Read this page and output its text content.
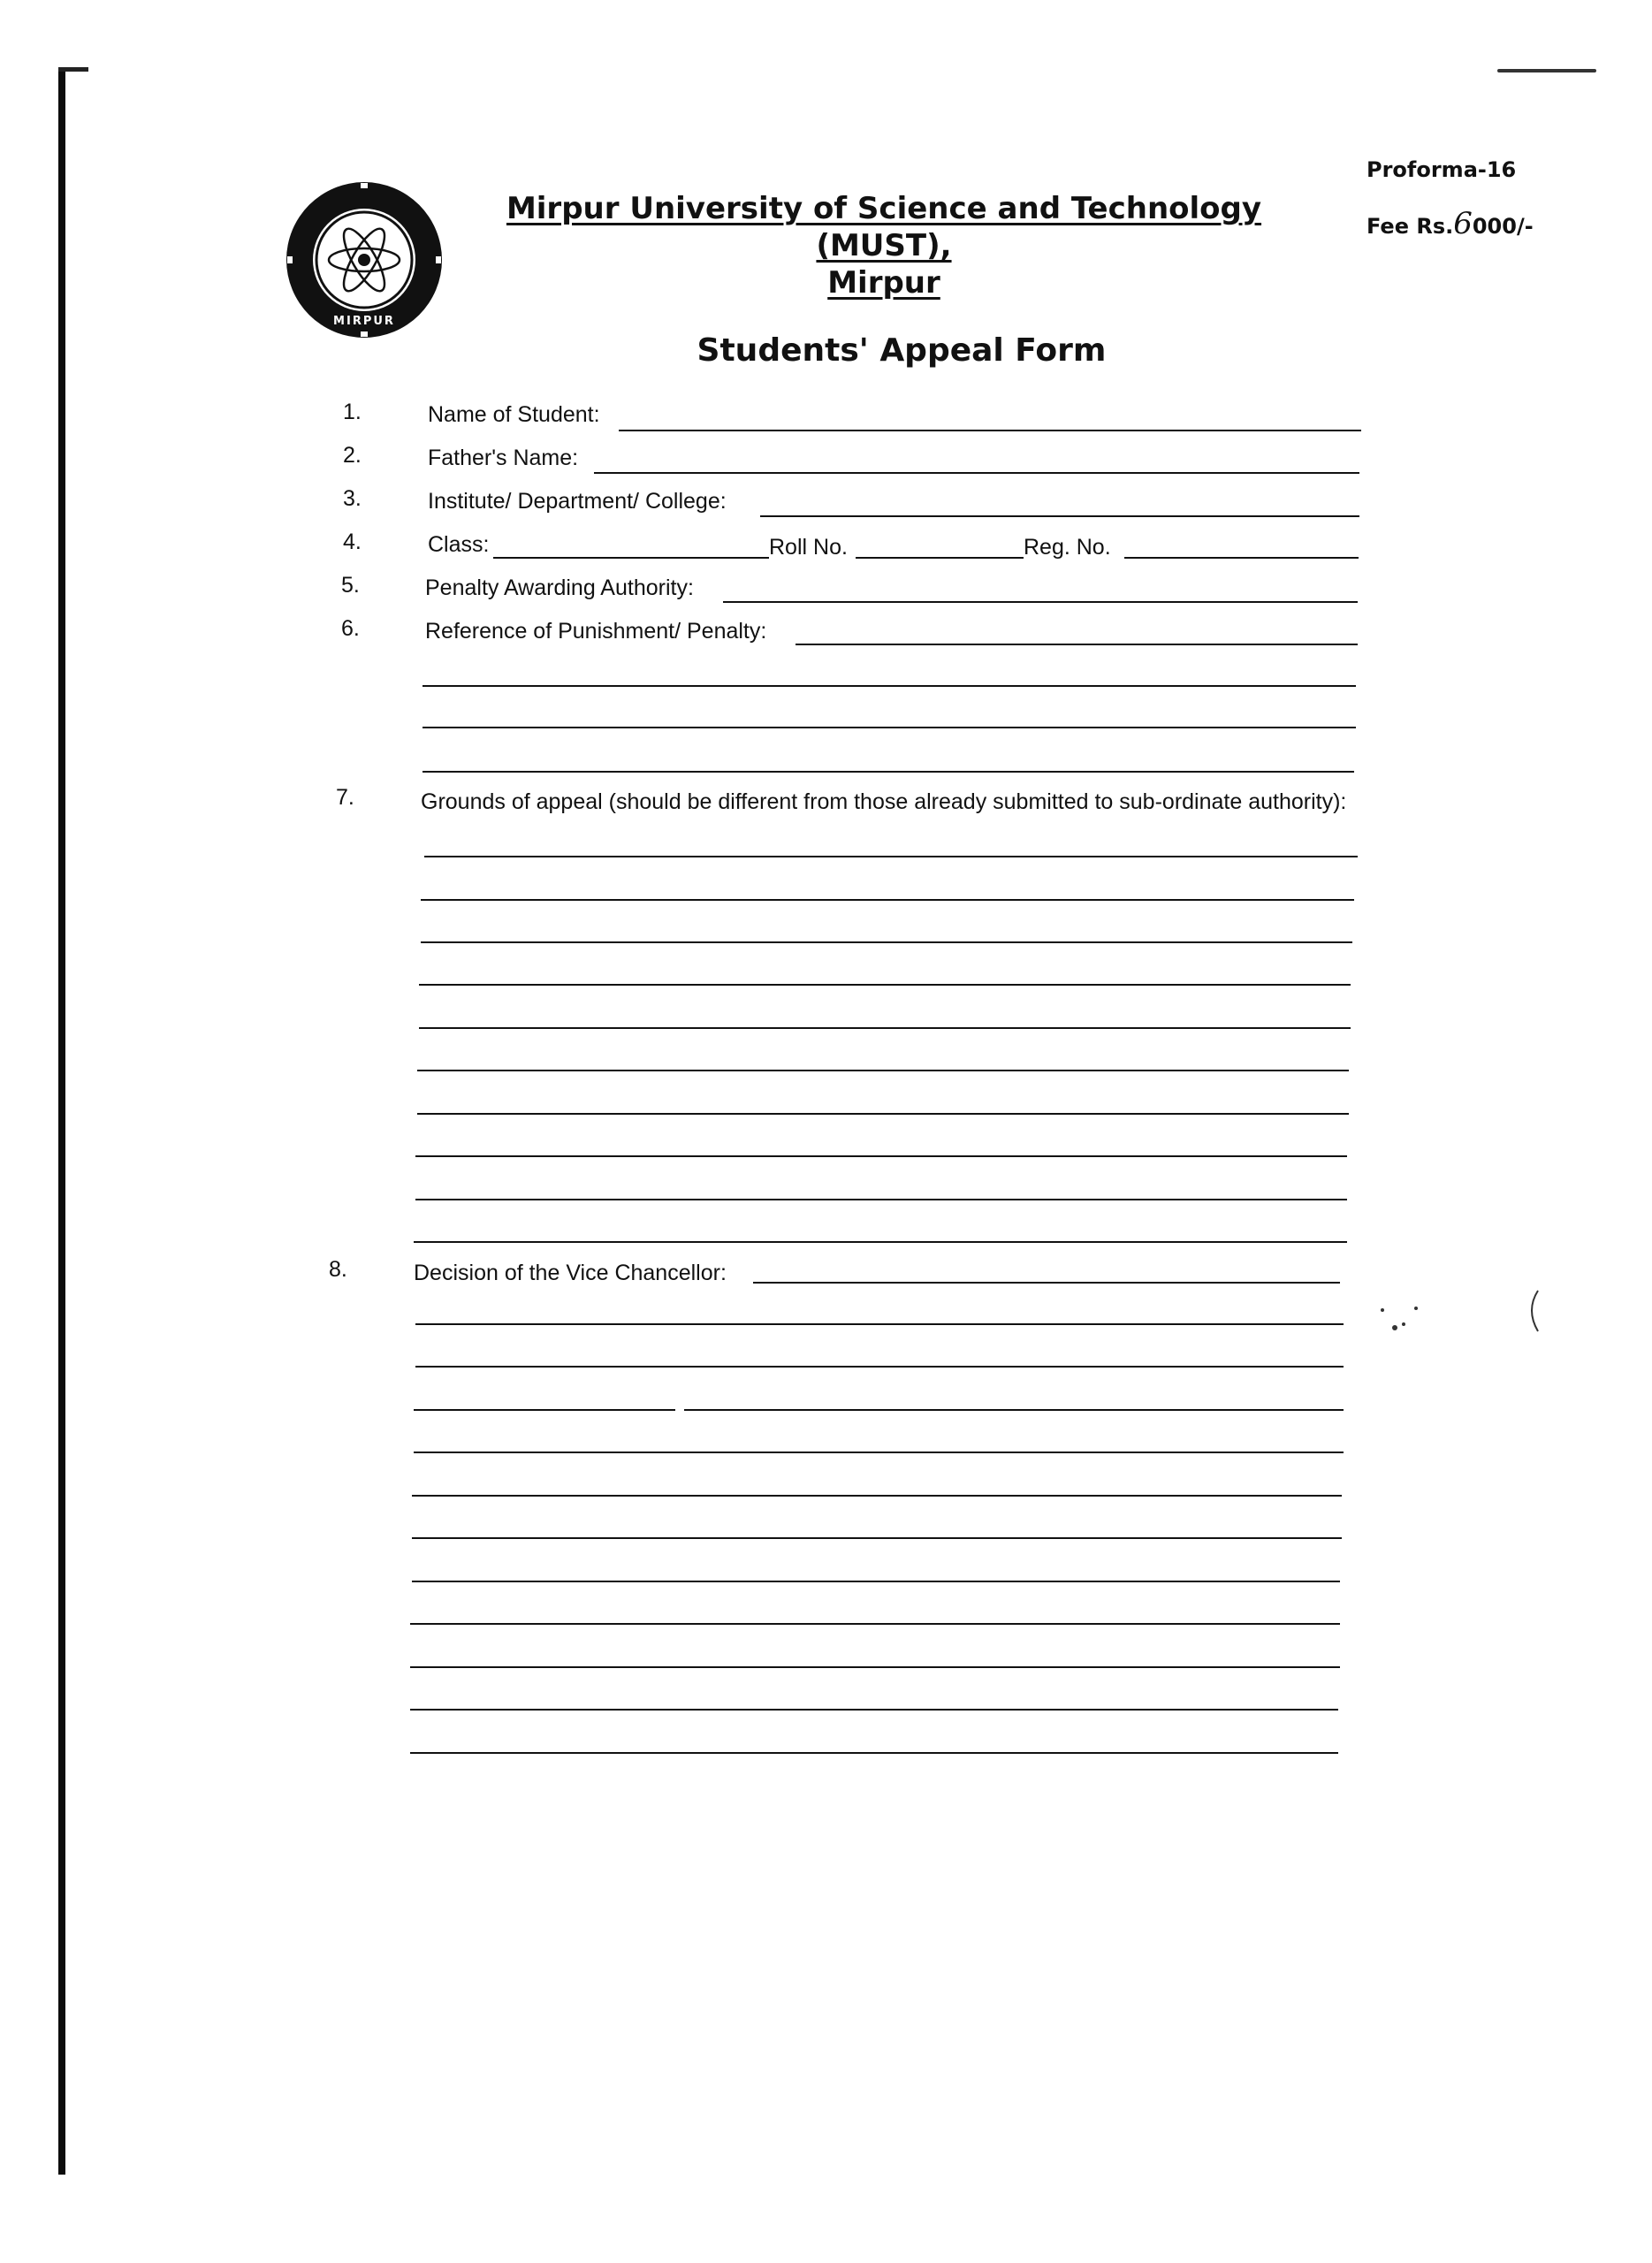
MIRPUR
Proforma-16
Fee Rs.6000/-
Mirpur University of Science and Technology (MUST),
Mirpur
Students' Appeal Form
1.	Name of Student:
2.	Father's Name:
3.	Institute/ Department/ College:
4.	Class:	Roll No.	Reg. No.
5.	Penalty Awarding Authority:
6.	Reference of Punishment/ Penalty:
7.	Grounds of appeal (should be different from those already submitted to sub-ordinate authority):
8.	Decision of the Vice Chancellor:
